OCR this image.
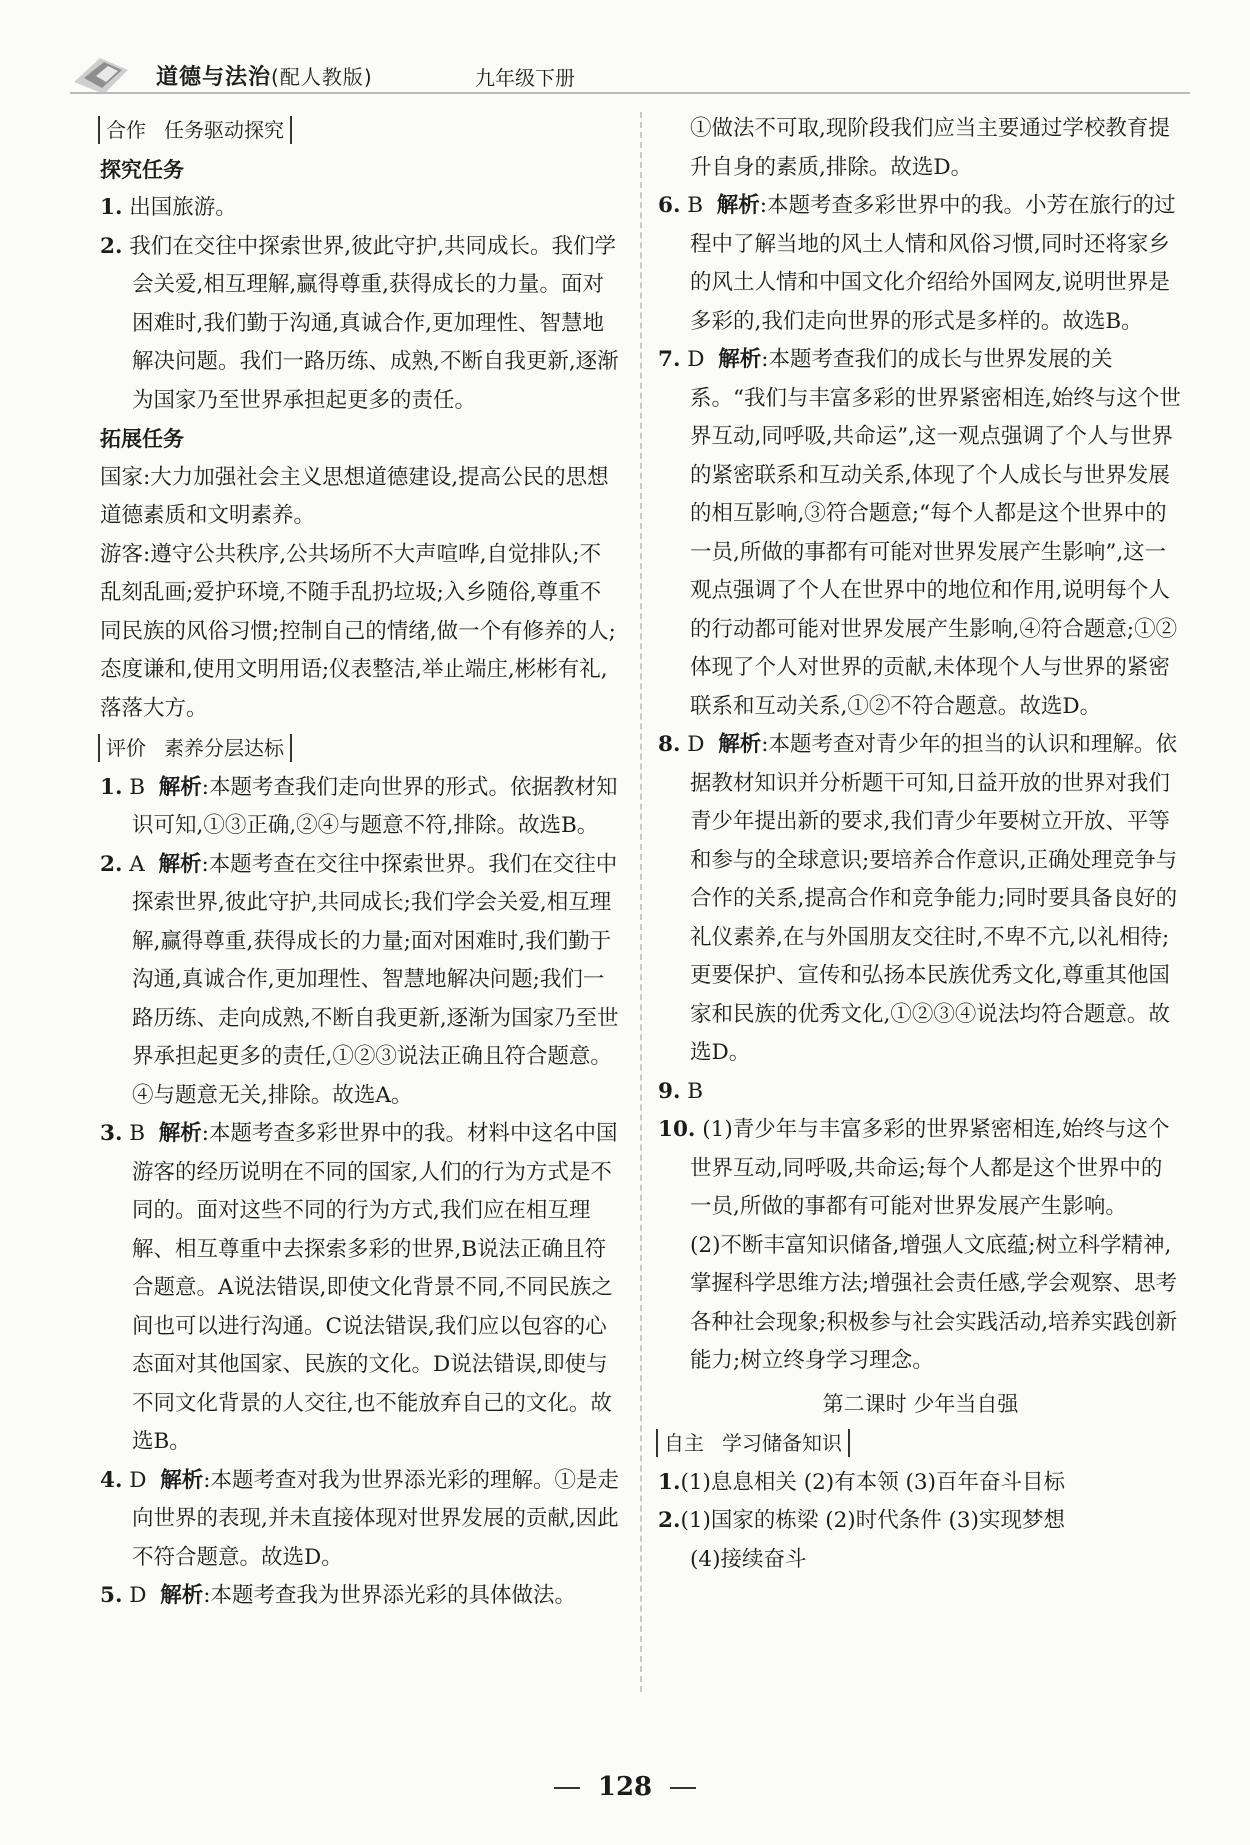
道德与法治(配人教版)	九年级下册
合作 任务驱动探究
探究任务
1. 出国旅游。
2. 我们在交往中探索世界,彼此守护,共同成长。我们学会关爱,相互理解,赢得尊重,获得成长的力量。面对困难时,我们勤于沟通,真诚合作,更加理性、智慧地解决问题。我们一路历练、成熟,不断自我更新,逐渐为国家乃至世界承担起更多的责任。
拓展任务
国家:大力加强社会主义思想道德建设,提高公民的思想道德素质和文明素养。
游客:遵守公共秩序,公共场所不大声喧哗,自觉排队;不乱刻乱画;爱护环境,不随手乱扔垃圾;入乡随俗,尊重不同民族的风俗习惯;控制自己的情绪,做一个有修养的人;态度谦和,使用文明用语;仪表整洁,举止端庄,彬彬有礼,落落大方。
评价 素养分层达标
1. B 解析:本题考查我们走向世界的形式。依据教材知识可知,①③正确,②④与题意不符,排除。故选B。
2. A 解析:本题考查在交往中探索世界。我们在交往中探索世界,彼此守护,共同成长;我们学会关爱,相互理解,赢得尊重,获得成长的力量;面对困难时,我们勤于沟通,真诚合作,更加理性、智慧地解决问题;我们一路历练、走向成熟,不断自我更新,逐渐为国家乃至世界承担起更多的责任,①②③说法正确且符合题意。④与题意无关,排除。故选A。
3. B 解析:本题考查多彩世界中的我。材料中这名中国游客的经历说明在不同的国家,人们的行为方式是不同的。面对这些不同的行为方式,我们应在相互理解、相互尊重中去探索多彩的世界,B说法正确且符合题意。A说法错误,即使文化背景不同,不同民族之间也可以进行沟通。C说法错误,我们应以包容的心态面对其他国家、民族的文化。D说法错误,即使与不同文化背景的人交往,也不能放弃自己的文化。故选B。
4. D 解析:本题考查对我为世界添光彩的理解。①是走向世界的表现,并未直接体现对世界发展的贡献,因此不符合题意。故选D。
5. D 解析:本题考查我为世界添光彩的具体做法。
①做法不可取,现阶段我们应当主要通过学校教育提升自身的素质,排除。故选D。
6. B 解析:本题考查多彩世界中的我。小芳在旅行的过程中了解当地的风土人情和风俗习惯,同时还将家乡的风土人情和中国文化介绍给外国网友,说明世界是多彩的,我们走向世界的形式是多样的。故选B。
7. D 解析:本题考查我们的成长与世界发展的关系。“我们与丰富多彩的世界紧密相连,始终与这个世界互动,同呼吸,共命运”,这一观点强调了个人与世界的紧密联系和互动关系,体现了个人成长与世界发展的相互影响,③符合题意;“每个人都是这个世界中的一员,所做的事都有可能对世界发展产生影响”,这一观点强调了个人在世界中的地位和作用,说明每个人的行动都可能对世界发展产生影响,④符合题意;①②体现了个人对世界的贡献,未体现个人与世界的紧密联系和互动关系,①②不符合题意。故选D。
8. D 解析:本题考查对青少年的担当的认识和理解。依据教材知识并分析题干可知,日益开放的世界对我们青少年提出新的要求,我们青少年要树立开放、平等和参与的全球意识;要培养合作意识,正确处理竞争与合作的关系,提高合作和竞争能力;同时要具备良好的礼仪素养,在与外国朋友交往时,不卑不亢,以礼相待;更要保护、宣传和弘扬本民族优秀文化,尊重其他国家和民族的优秀文化,①②③④说法均符合题意。故选D。
9. B
10. (1)青少年与丰富多彩的世界紧密相连,始终与这个世界互动,同呼吸,共命运;每个人都是这个世界中的一员,所做的事都有可能对世界发展产生影响。
(2)不断丰富知识储备,增强人文底蕴;树立科学精神,掌握科学思维方法;增强社会责任感,学会观察、思考各种社会现象;积极参与社会实践活动,培养实践创新能力;树立终身学习理念。
第二课时 少年当自强
自主 学习储备知识
1.(1)息息相关 (2)有本领 (3)百年奋斗目标
2.(1)国家的栋梁 (2)时代条件 (3)实现梦想
(4)接续奋斗
128
